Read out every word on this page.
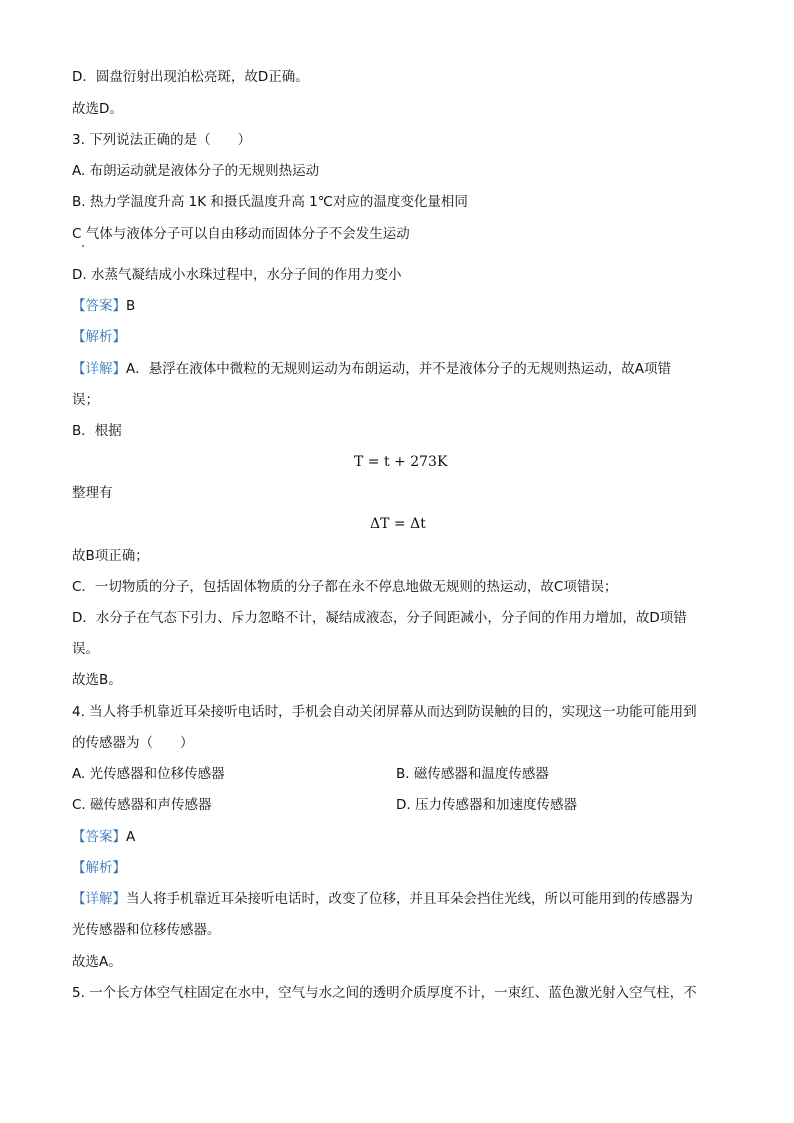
D．圆盘衍射出现泊松亮斑，故D正确。
故选D。
3. 下列说法正确的是（　　）
A. 布朗运动就是液体分子的无规则热运动
B. 热力学温度升高 1K 和摄氏温度升高 1℃对应的温度变化量相同
C 气体与液体分子可以自由移动而固体分子不会发生运动
D. 水蒸气凝结成小水珠过程中，水分子间的作用力变小
【答案】B
【解析】
【详解】A．悬浮在液体中微粒的无规则运动为布朗运动，并不是液体分子的无规则热运动，故A项错
误；
B．根据
T = t + 273K
整理有
ΔT = Δt
故B项正确；
C．一切物质的分子，包括固体物质的分子都在永不停息地做无规则的热运动，故C项错误；
D．水分子在气态下引力、斥力忽略不计，凝结成液态，分子间距减小，分子间的作用力增加，故D项错
误。
故选B。
4. 当人将手机靠近耳朵接听电话时，手机会自动关闭屏幕从而达到防误触的目的，实现这一功能可能用到
的传感器为（　　）
A. 光传感器和位移传感器	B. 磁传感器和温度传感器
C. 磁传感器和声传感器	D. 压力传感器和加速度传感器
【答案】A
【解析】
【详解】当人将手机靠近耳朵接听电话时，改变了位移，并且耳朵会挡住光线，所以可能用到的传感器为
光传感器和位移传感器。
故选A。
5. 一个长方体空气柱固定在水中，空气与水之间的透明介质厚度不计，一束红、蓝色激光射入空气柱，不
